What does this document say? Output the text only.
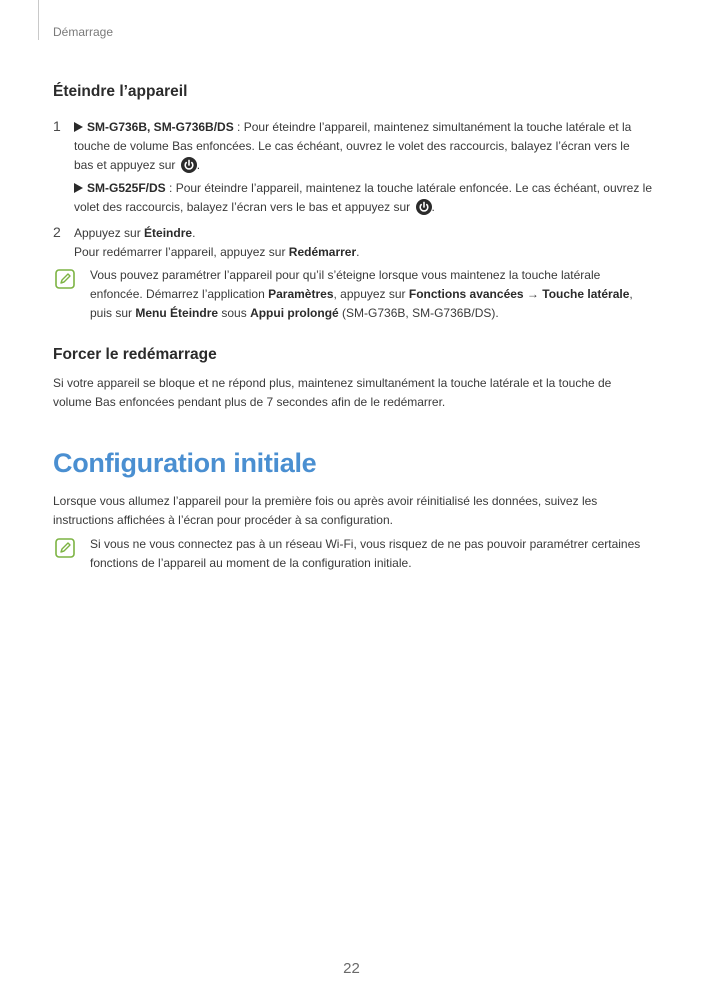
Démarrage
Éteindre l’appareil
1	SM-G736B, SM-G736B/DS : Pour éteindre l’appareil, maintenez simultanément la touche latérale et la touche de volume Bas enfoncées. Le cas échéant, ouvrez le volet des raccourcis, balayez l’écran vers le bas et appuyez sur .
SM-G525F/DS : Pour éteindre l’appareil, maintenez la touche latérale enfoncée. Le cas échéant, ouvrez le volet des raccourcis, balayez l’écran vers le bas et appuyez sur .
2 Appuyez sur Éteindre.
Pour redémarrer l’appareil, appuyez sur Redémarrer.
Vous pouvez paramétrer l’appareil pour qu’il s’éteigne lorsque vous maintenez la touche latérale enfoncée. Démarrez l’application Paramètres, appuyez sur Fonctions avancées → Touche latérale, puis sur Menu Éteindre sous Appui prolongé (SM-G736B, SM-G736B/DS).
Forcer le redémarrage
Si votre appareil se bloque et ne répond plus, maintenez simultanément la touche latérale et la touche de volume Bas enfoncées pendant plus de 7 secondes afin de le redémarrer.
Configuration initiale
Lorsque vous allumez l’appareil pour la première fois ou après avoir réinitialisé les données, suivez les instructions affichées à l’écran pour procéder à sa configuration.
Si vous ne vous connectez pas à un réseau Wi-Fi, vous risquez de ne pas pouvoir paramétrer certaines fonctions de l’appareil au moment de la configuration initiale.
22
